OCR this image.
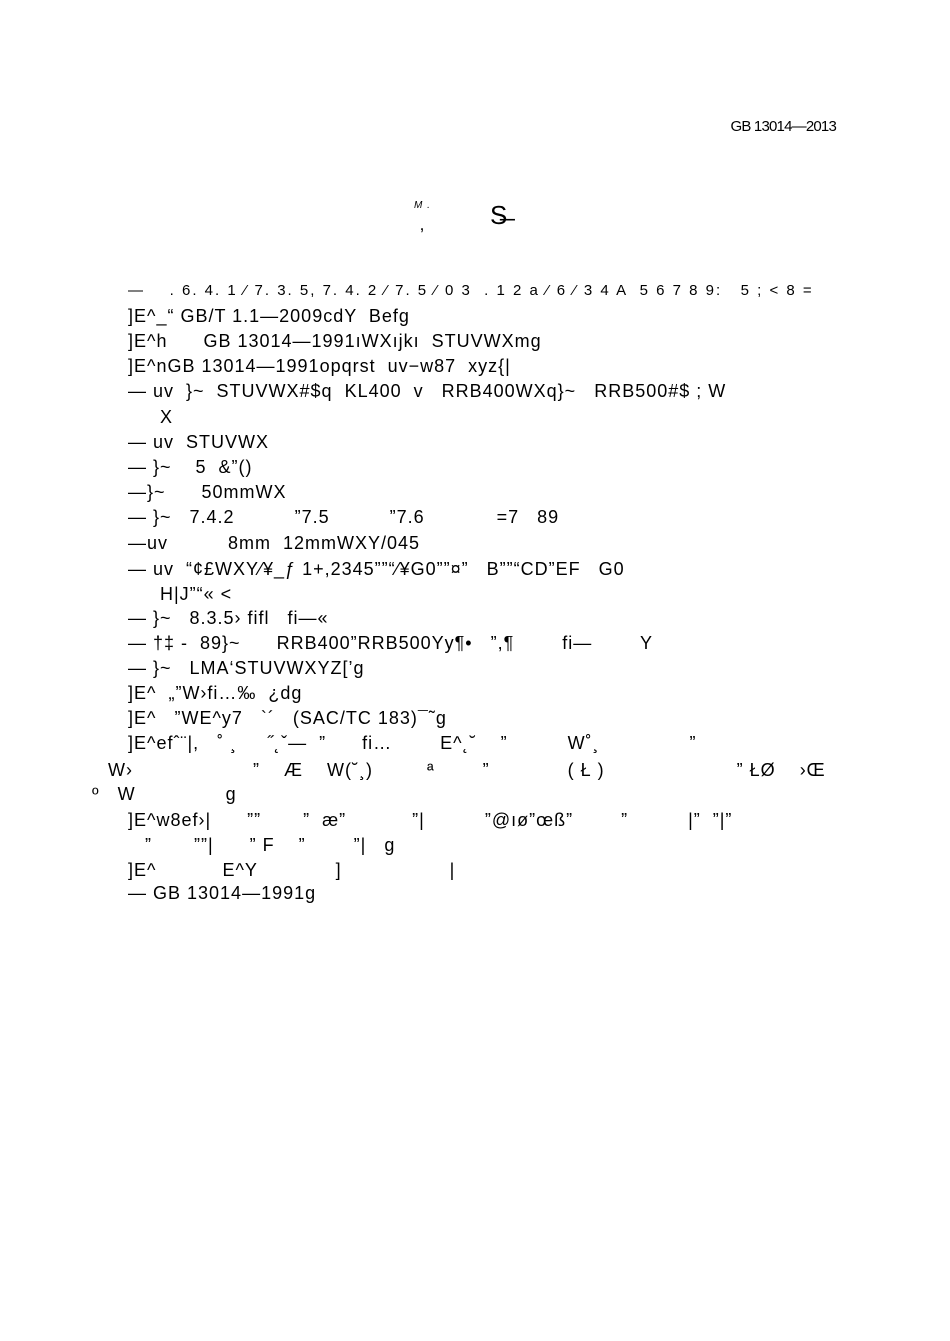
GB 13014—2013
M .
‚	S̶
—    . 6. 4. 1 ⁄ 7. 3. 5, 7. 4. 2 ⁄ 7. 5 ⁄ 0 3  . 1 2 a ⁄ 6 ⁄ 3 4 A  5 6 7 8 9:   5 ; < 8 =
]E^_“ GB/T 1.1—2009cdY  Befg
]E^h      GB 13014—1991ıWXıjkı  STUVWXmg
]E^nGB 13014—1991opqrst  uv−w87  xyz{|
— uv  }~  STUVWX#$q  KL400  v   RRB400WXq}~   RRB500#$ ; W
X
— uv  STUVWX
— }~    5  &”()
—}~      50mmWX
— }~   7.4.2          ”7.5          ”7.6            =7   89
—uv          8mm  12mmWXY/045
— uv  “¢£WXY⁄¥_ƒ 1+,2345””“⁄¥G0””¤”   B””“CD”EF   G0
H|J”“« <
— }~   8.3.5› fifl   fi—«
— †‡ -  89}~      RRB400”RRB500Yy¶•   ”,¶        fi—        Y
— }~   LMA‘STUVWXYZ[’g
]E^  „”W›fi…‰  ¿dg
]E^   ”WE^y7   `´   (SAC/TC 183)¯˜g
]E^efˆ¨|,   ˚ ¸     ˝˛ˇ—  ”      fi…        E^˛˘    ”          W˚¸               ”
W›                    ”    Æ    W(˘¸)         ª        ”             ( Ł )                      ” ŁØ    ›Œ
º   W               g
]E^w8ef›|      ””       ”  æ”           ”|          ”@ıø”œß”        ”          |”  ”|”
”       ””|      ” F    ”        ”|   g
]E^           E^Y             ]                  |
— GB 13014—1991g
